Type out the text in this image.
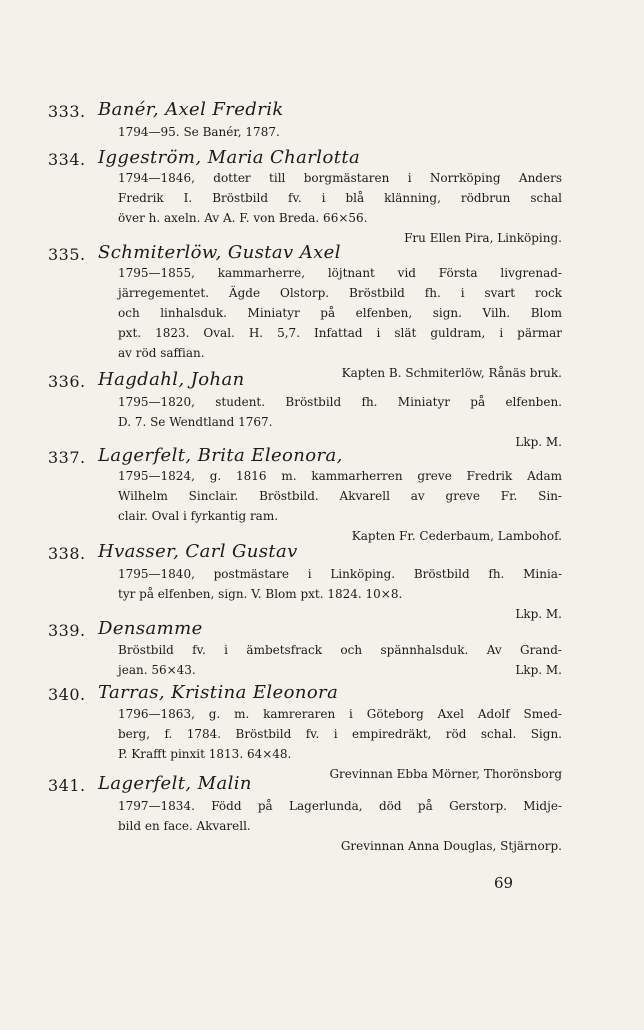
333. Banér, Axel Fredrik
1794—95. Se Banér, 1787.
334. Iggeström, Maria Charlotta
1794—1846, dotter till borgmästaren i Norrköping Anders
Fredrik I. Bröstbild fv. i blå klänning, rödbrun schal
över h. axeln. Av A. F. von Breda. 66×56.
Fru Ellen Pira, Linköping.
335. Schmiterlöw, Gustav Axel
1795—1855, kammarherre, löjtnant vid Första livgrenad-
järregementet. Ägde Olstorp. Bröstbild fh. i svart rock
och linhalsduk. Miniatyr på elfenben, sign. Vilh. Blom
pxt. 1823. Oval. H. 5,7. Infattad i slät guldram, i pärmar
av röd saffian.
Kapten B. Schmiterlöw, Rånäs bruk.
336. Hagdahl, Johan
1795—1820, student. Bröstbild fh. Miniatyr på elfenben.
D. 7. Se Wendtland 1767.
Lkp. M.
337. Lagerfelt, Brita Eleonora,
1795—1824, g. 1816 m. kammarherren greve Fredrik Adam
Wilhelm Sinclair. Bröstbild. Akvarell av greve Fr. Sin-
clair. Oval i fyrkantig ram.
Kapten Fr. Cederbaum, Lambohof.
338. Hvasser, Carl Gustav
1795—1840, postmästare i Linköping. Bröstbild fh. Minia-
tyr på elfenben, sign. V. Blom pxt. 1824. 10×8.
Lkp. M.
339. Densamme
Bröstbild fv. i ämbetsfrack och spännhalsduk. Av Grand-
jean. 56×43.	Lkp. M.
340. Tarras, Kristina Eleonora
1796—1863, g. m. kamreraren i Göteborg Axel Adolf Smed-
berg, f. 1784. Bröstbild fv. i empiredräkt, röd schal. Sign.
P. Krafft pinxit 1813. 64×48.
Grevinnan Ebba Mörner, Thorönsborg
341. Lagerfelt, Malin
1797—1834. Född på Lagerlunda, död på Gerstorp. Midje-
bild en face. Akvarell.
Grevinnan Anna Douglas, Stjärnorp.
69
